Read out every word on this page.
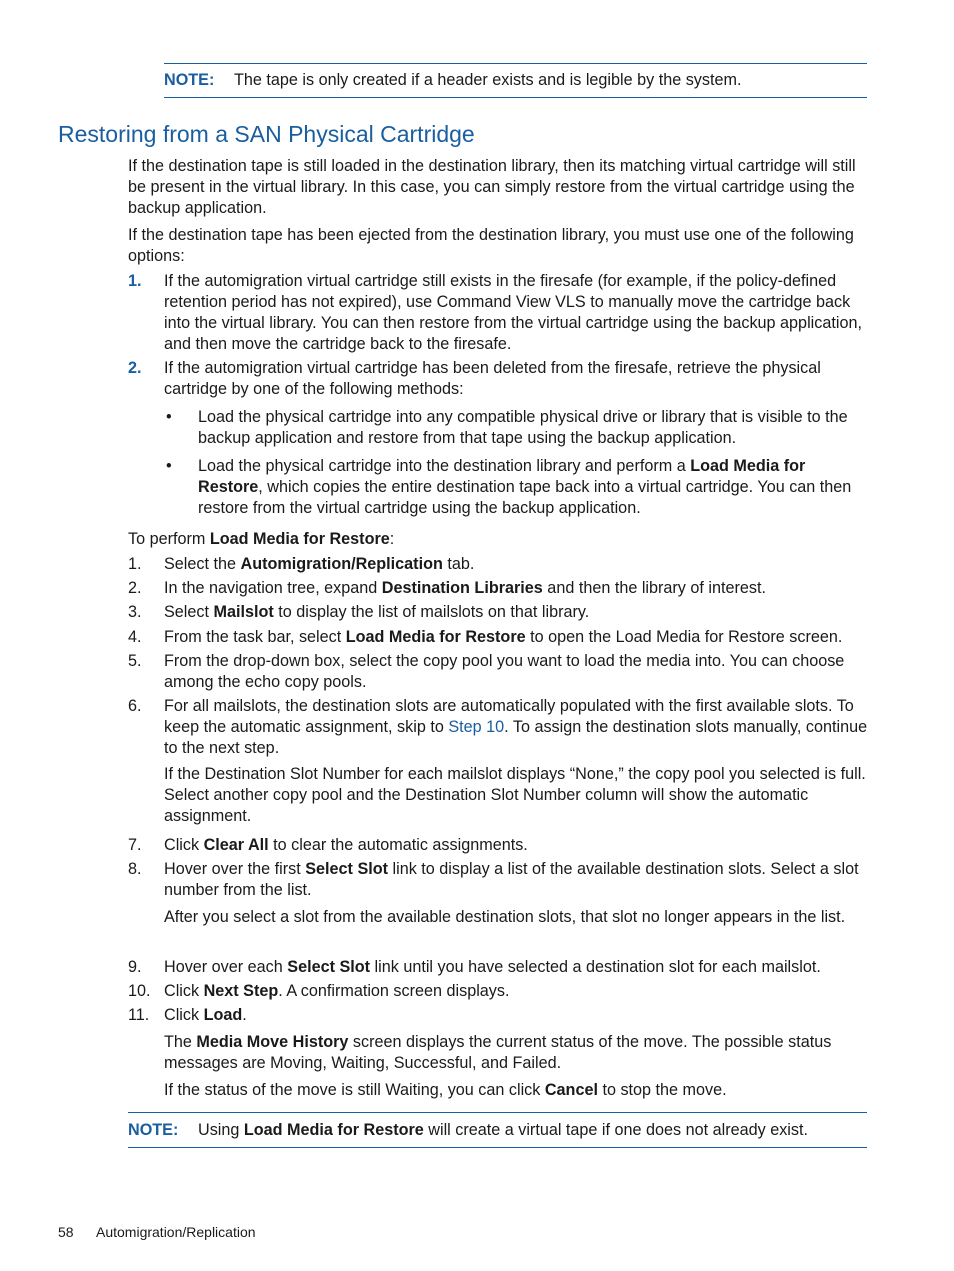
NOTE:	The tape is only created if a header exists and is legible by the system.
Restoring from a SAN Physical Cartridge

If the destination tape is still loaded in the destination library, then its matching virtual cartridge will still be present in the virtual library. In this case, you can simply restore from the virtual cartridge using the backup application.

If the destination tape has been ejected from the destination library, you must use one of the following options:

1. If the automigration virtual cartridge still exists in the firesafe (for example, if the policy-defined retention period has not expired), use Command View VLS to manually move the cartridge back into the virtual library. You can then restore from the virtual cartridge using the backup application, and then move the cartridge back to the firesafe.

2. If the automigration virtual cartridge has been deleted from the firesafe, retrieve the physical cartridge by one of the following methods:

• Load the physical cartridge into any compatible physical drive or library that is visible to the backup application and restore from that tape using the backup application.

• Load the physical cartridge into the destination library and perform a Load Media for Restore, which copies the entire destination tape back into a virtual cartridge. You can then restore from the virtual cartridge using the backup application.

To perform Load Media for Restore:

1.	Select the Automigration/Replication tab.

2.	In the navigation tree, expand Destination Libraries and then the library of interest.

3.	Select Mailslot to display the list of mailslots on that library.

4.	From the task bar, select Load Media for Restore to open the Load Media for Restore screen.

5.	From the drop-down box, select the copy pool you want to load the media into. You can choose among the echo copy pools.

6.	For all mailslots, the destination slots are automatically populated with the first available slots. To keep the automatic assignment, skip to Step 10. To assign the destination slots manually, continue to the next step.

If the Destination Slot Number for each mailslot displays “None,” the copy pool you selected is full. Select another copy pool and the Destination Slot Number column will show the automatic assignment.

7.	Click Clear All to clear the automatic assignments.

8.	Hover over the first Select Slot link to display a list of the available destination slots. Select a slot number from the list.

After you select a slot from the available destination slots, that slot no longer appears in the list.

9.	Hover over each Select Slot link until you have selected a destination slot for each mailslot.

10. Click Next Step. A confirmation screen displays.

11. Click Load.

The Media Move History screen displays the current status of the move. The possible status messages are Moving, Waiting, Successful, and Failed.

If the status of the move is still Waiting, you can click Cancel to stop the move.

NOTE:	Using Load Media for Restore will create a virtual tape if one does not already exist.
58 Automigration/Replication
